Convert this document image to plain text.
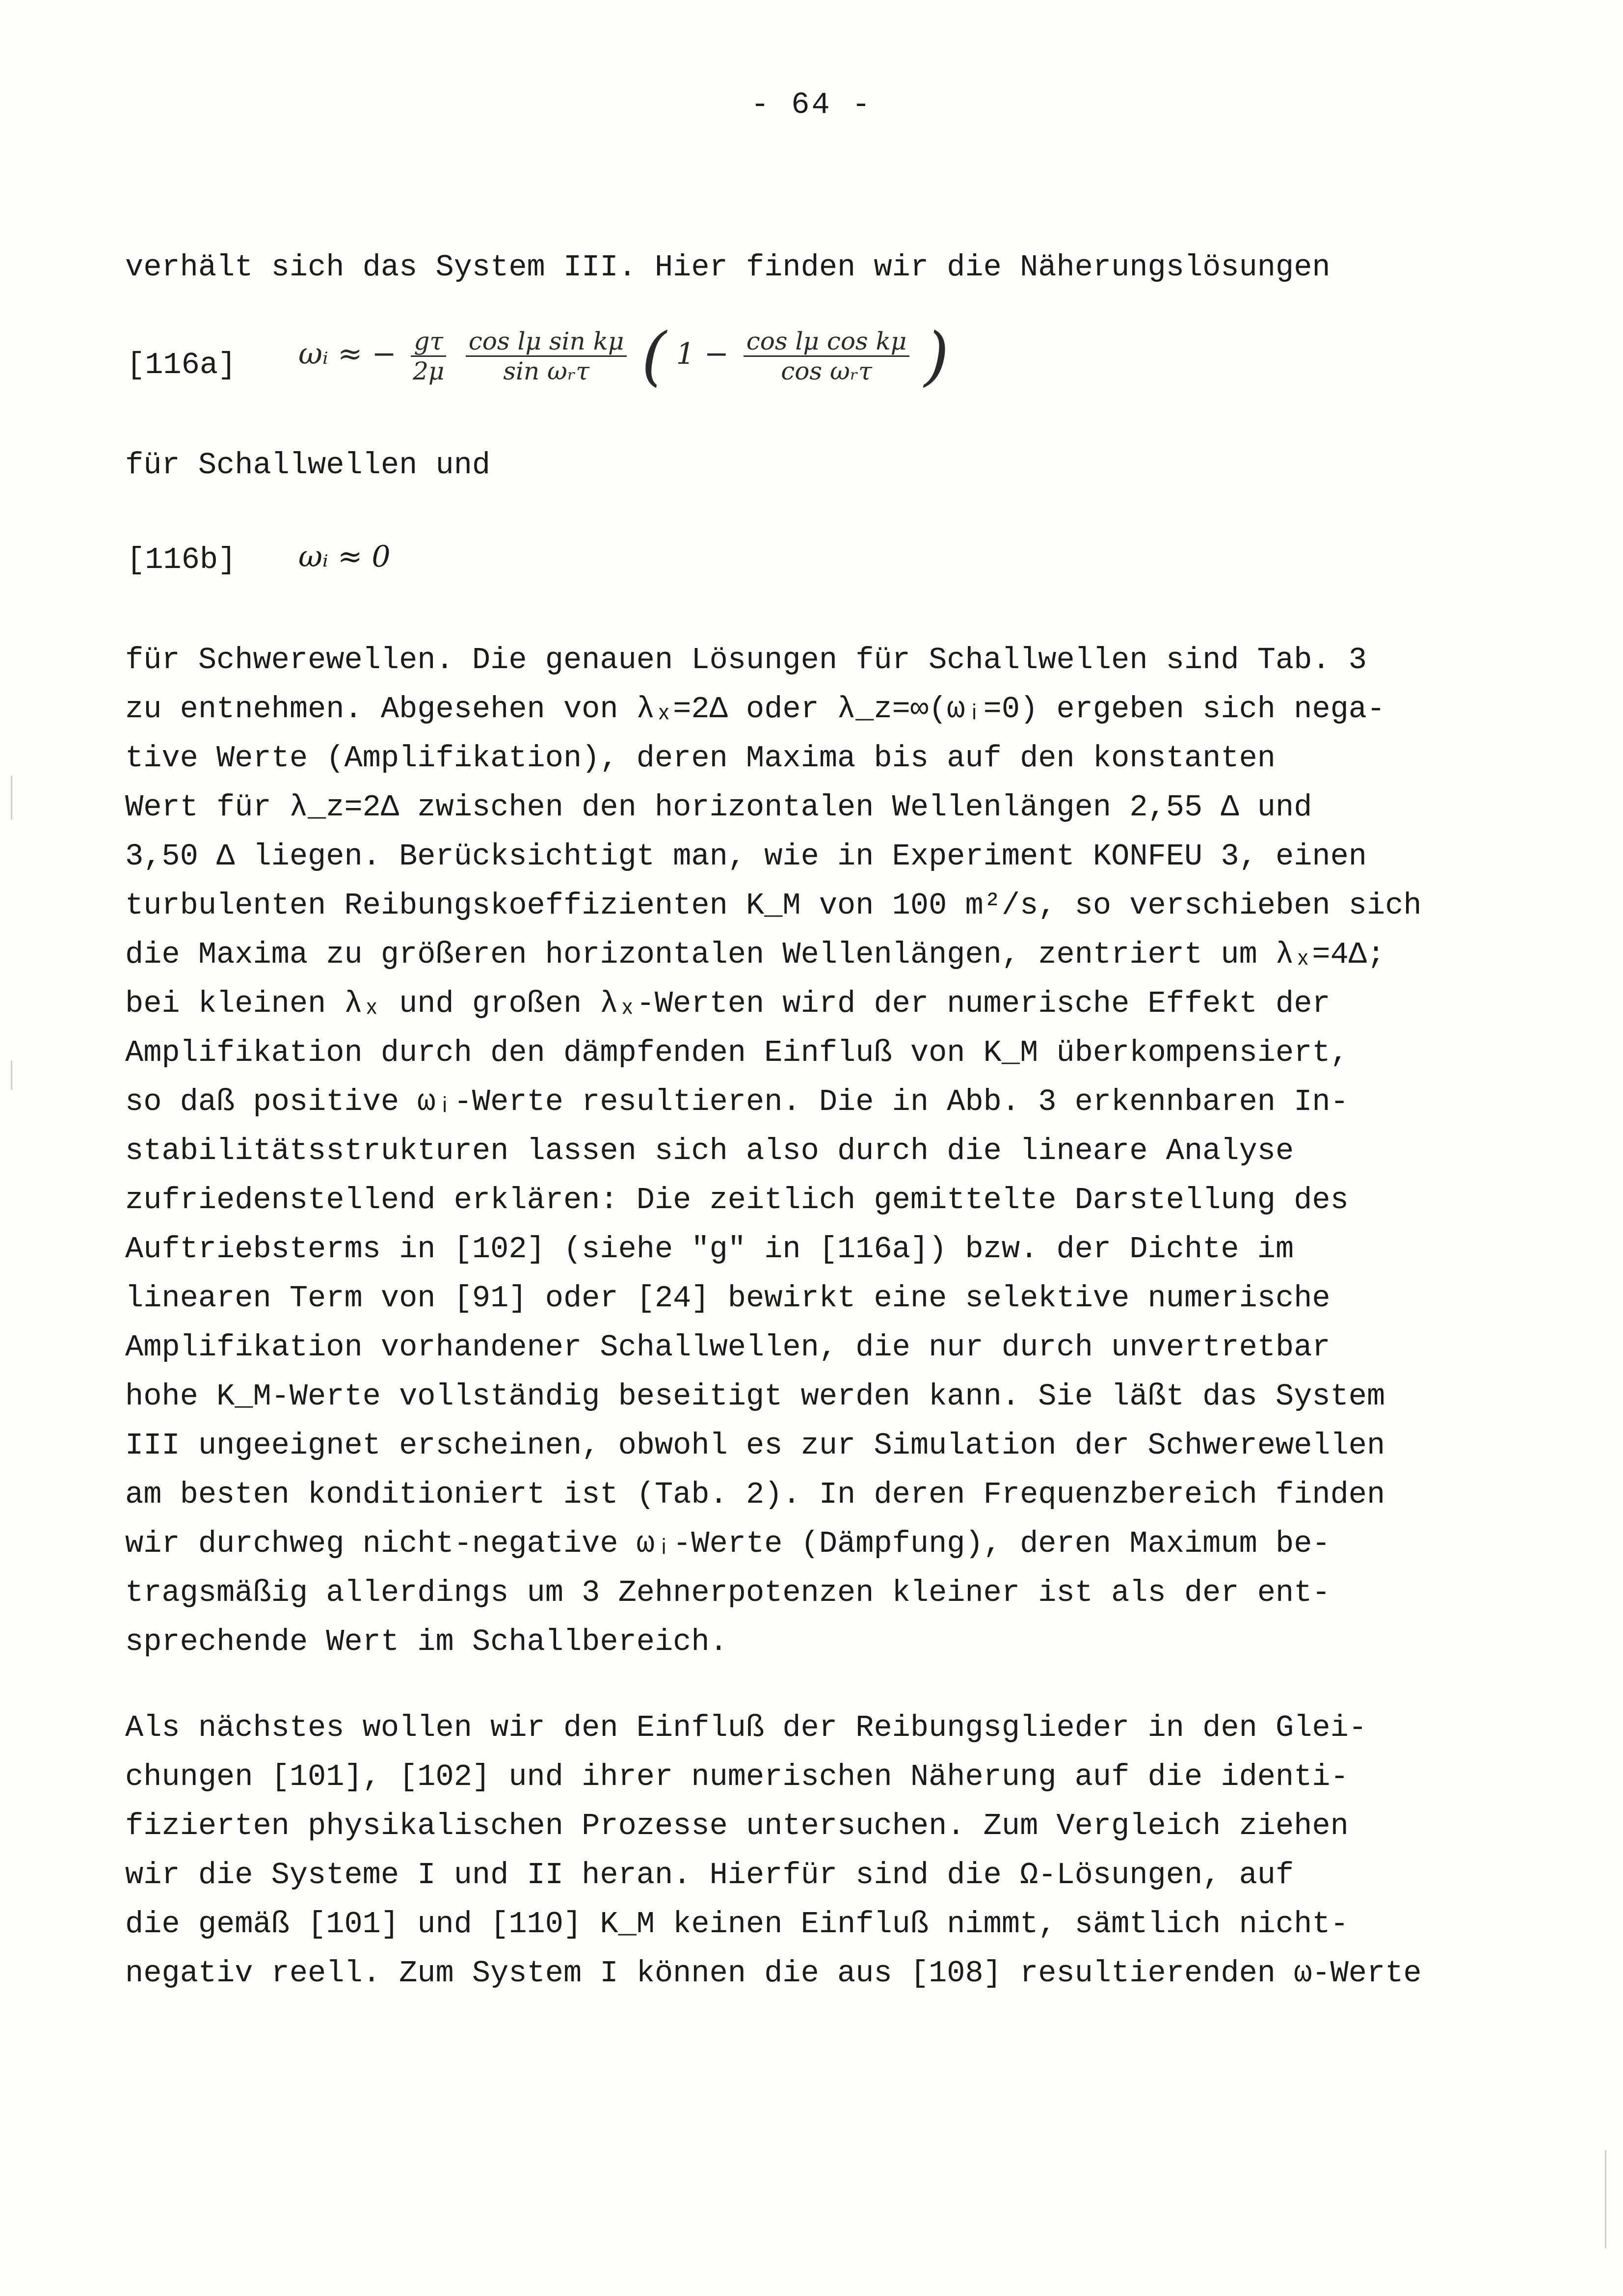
- 64 -
verhält sich das System III. Hier finden wir die Näherungslösungen
[116a] ωᵢ ≈ − $\frac{g\tau}{2\mu}$
$\frac{\text{cos lμ sin kμ}}{\text{sin ωᵣτ}}$ ( $1 - \frac{\text{cos lμ cos kμ}}{\text{cos ωᵣτ}}$ )
für Schallwellen und
[116b] ωᵢ ≈ 0
für Schwerewellen. Die genauen Lösungen für Schallwellen sind Tab. 3
zu entnehmen. Abgesehen von λₓ=2Δ oder λ_z=∞(ωᵢ=0) ergeben sich nega-
tive Werte (Amplifikation), deren Maxima bis auf den konstanten
Wert für λ_z=2Δ zwischen den horizontalen Wellenlängen 2,55 Δ und
3,50 Δ liegen. Berücksichtigt man, wie in Experiment KONFEU 3, einen
turbulenten Reibungskoeffizienten K_M von 100 m²/s, so verschieben sich
die Maxima zu größeren horizontalen Wellenlängen, zentriert um λₓ=4Δ;
bei kleinen λₓ und großen λₓ-Werten wird der numerische Effekt der
Amplifikation durch den dämpfenden Einfluß von K_M überkompensiert,
so daß positive ωᵢ-Werte resultieren. Die in Abb. 3 erkennbaren In-
stabilitätsstrukturen lassen sich also durch die lineare Analyse
zufriedenstellend erklären: Die zeitlich gemittelte Darstellung des
Auftriebsterms in [102] (siehe "g" in [116a]) bzw. der Dichte im
linearen Term von [91] oder [24] bewirkt eine selektive numerische
Amplifikation vorhandener Schallwellen, die nur durch unvertretbar
hohe K_M-Werte vollständig beseitigt werden kann. Sie läßt das System
III ungeeignet erscheinen, obwohl es zur Simulation der Schwerewellen
am besten konditioniert ist (Tab. 2). In deren Frequenzbereich finden
wir durchweg nicht-negative ωᵢ-Werte (Dämpfung), deren Maximum be-
tragsmäßig allerdings um 3 Zehnerpotenzen kleiner ist als der ent-
sprechende Wert im Schallbereich.
Als nächstes wollen wir den Einfluß der Reibungsglieder in den Glei-
chungen [101], [102] und ihrer numerischen Näherung auf die identi-
fizierten physikalischen Prozesse untersuchen. Zum Vergleich ziehen
wir die Systeme I und II heran. Hierfür sind die Ω-Lösungen, auf
die gemäß [101] und [110] K_M keinen Einfluß nimmt, sämtlich nicht-
negativ reell. Zum System I können die aus [108] resultierenden ω-Werte
